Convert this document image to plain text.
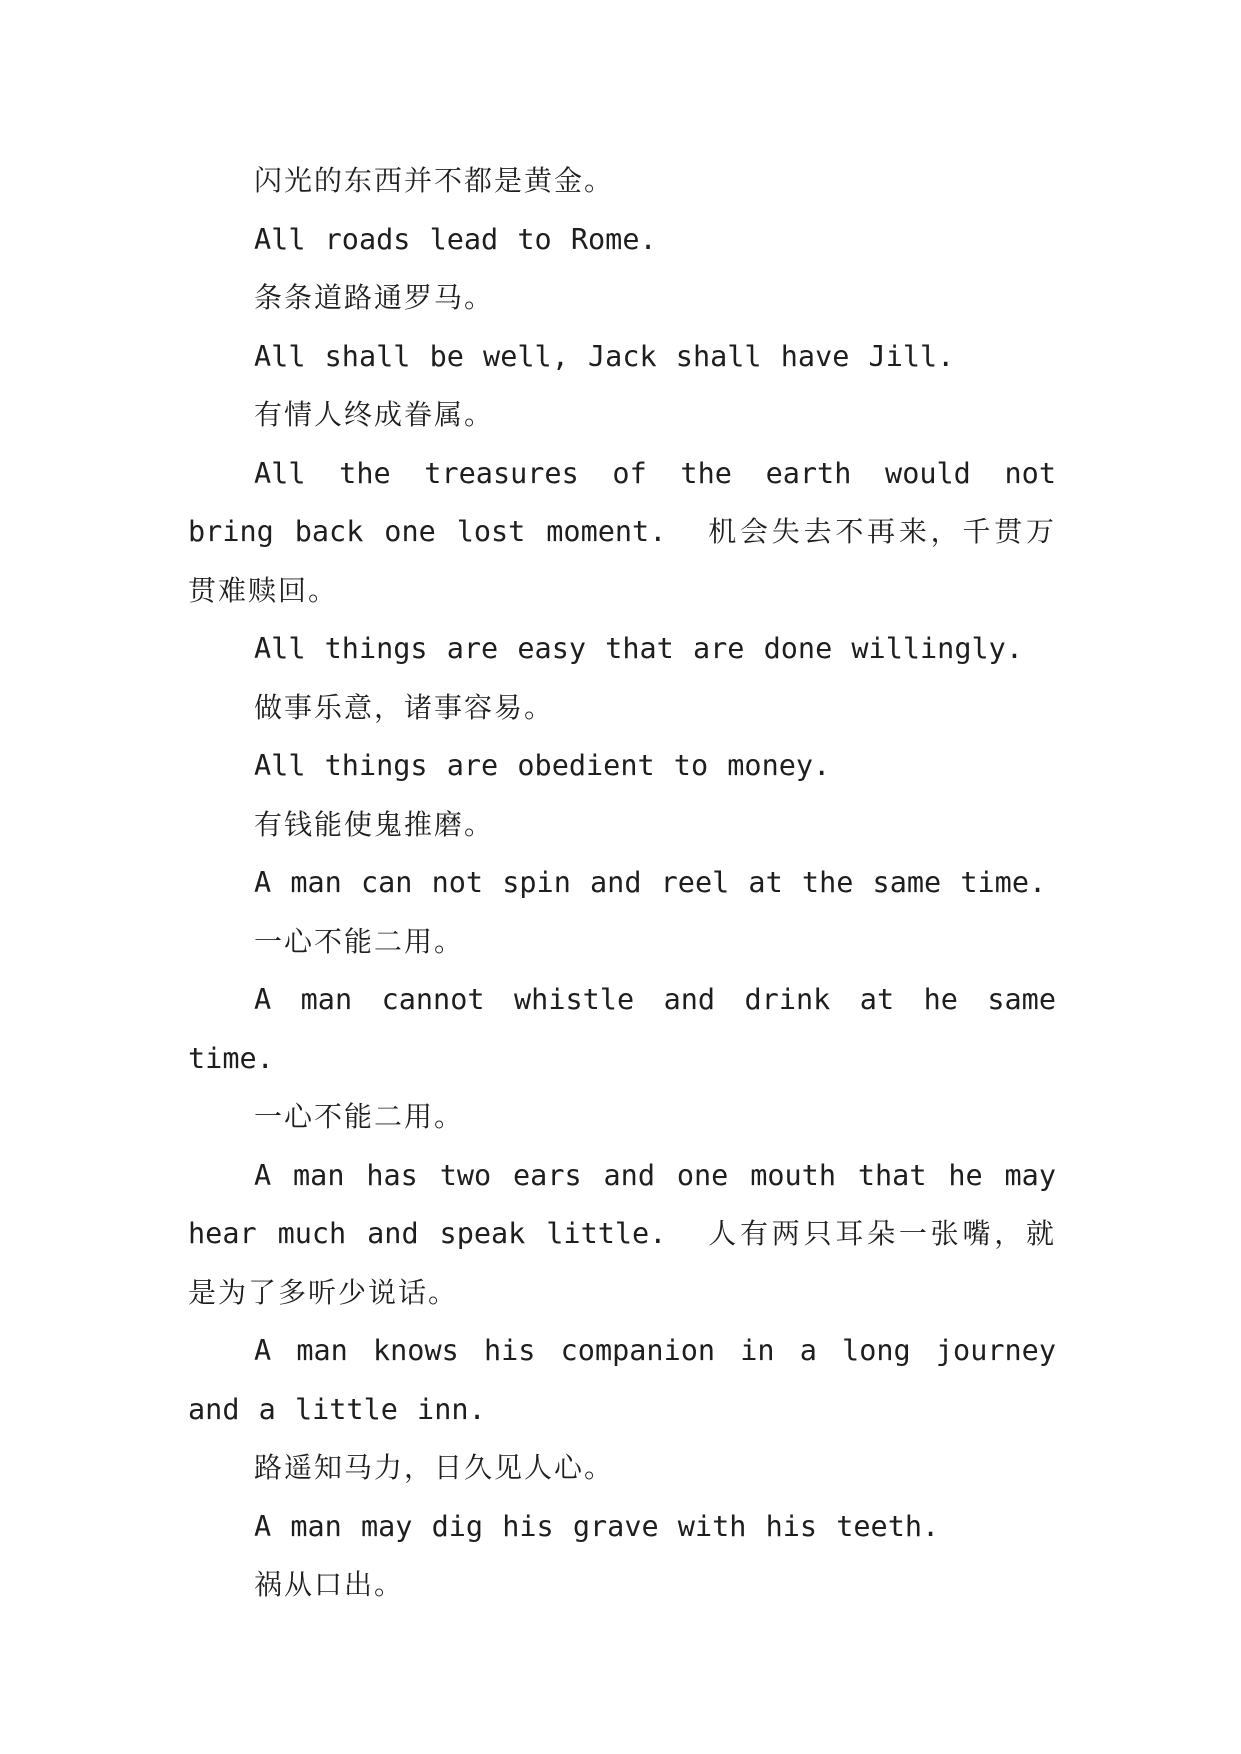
闪光的东西并不都是黄金。

All roads lead to Rome.

条条道路通罗马。

All shall be well, Jack shall have Jill.

有情人终成眷属。

All the treasures of the earth would not bring back one lost moment. 机会失去不再来，千贯万贯难赎回。

All things are easy that are done willingly.

做事乐意，诸事容易。

All things are obedient to money.

有钱能使鬼推磨。

A man can not spin and reel at the same time.

一心不能二用。

A man cannot whistle and drink at he same time.

一心不能二用。

A man has two ears and one mouth that he may hear much and speak little. 人有两只耳朵一张嘴，就是为了多听少说话。

A man knows his companion in a long journey and a little inn.

路遥知马力，日久见人心。

A man may dig his grave with his teeth.

祸从口出。
